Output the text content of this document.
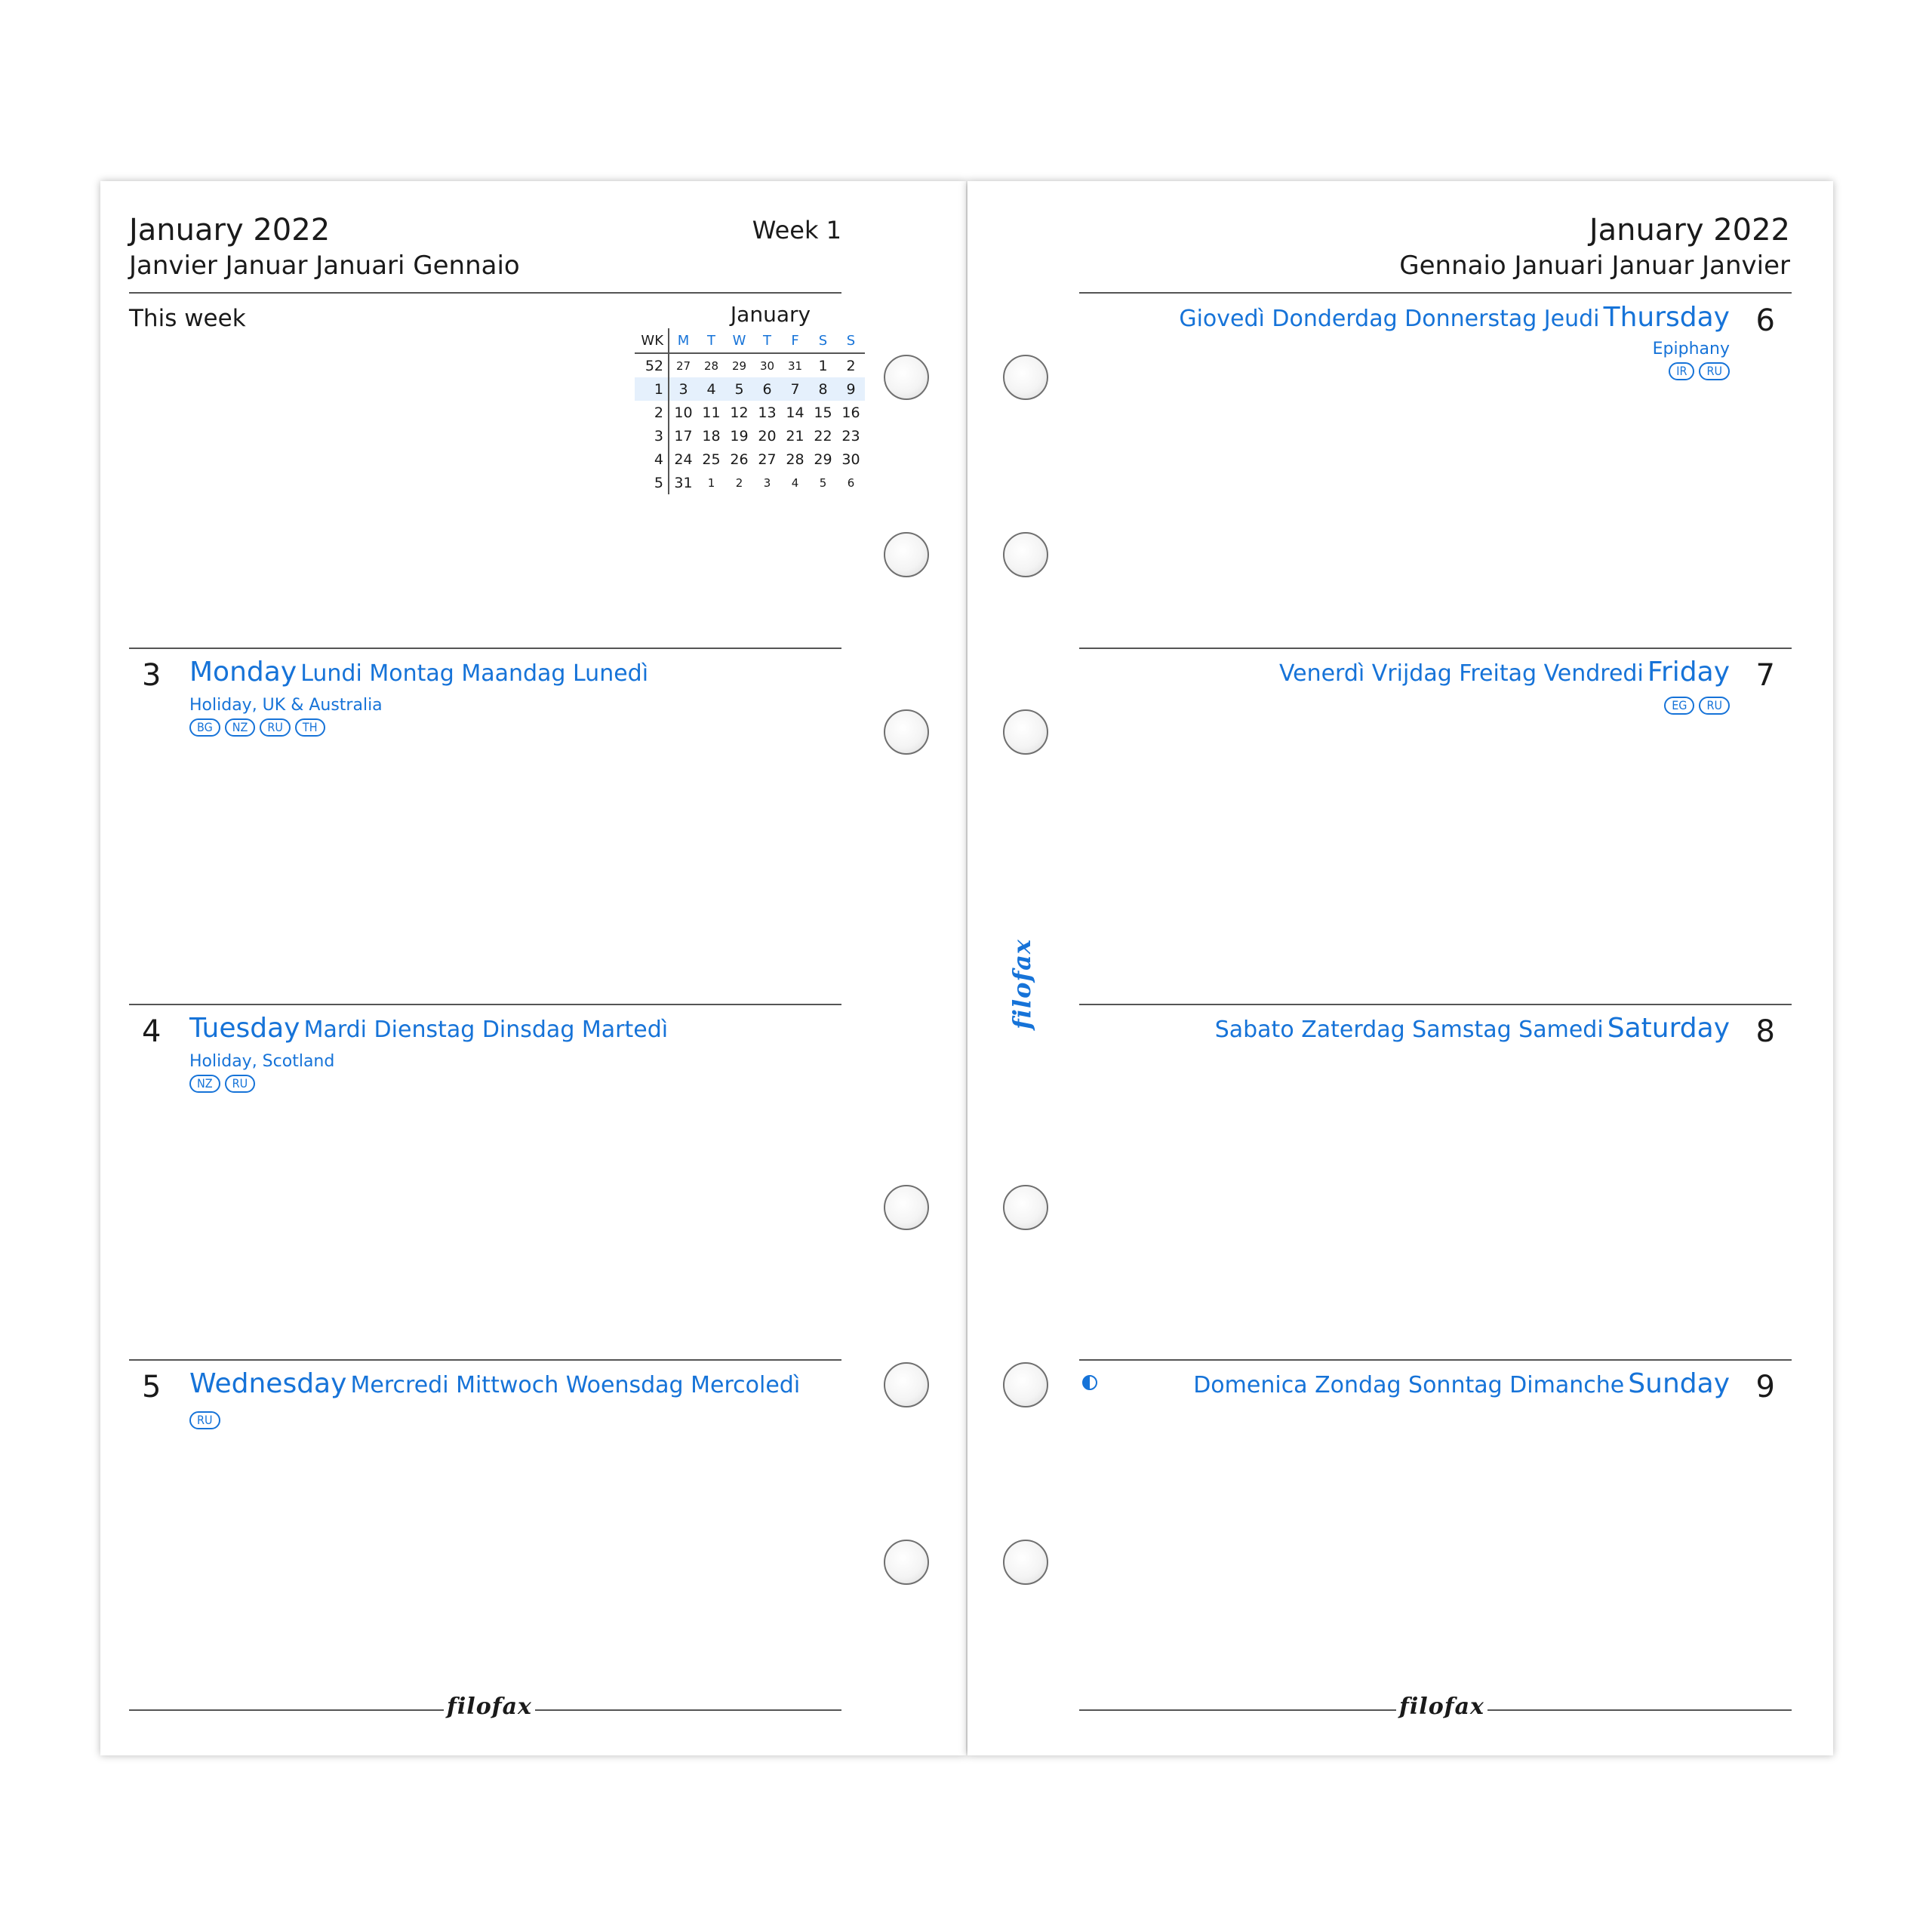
January 2022
Janvier Januar Januari Gennaio
Week 1
This week	January
WK	M	T	W	T	F	S	S
52	27	28	29	30	31	1	2
1	3	4	5	6	7	8	9
2	10	11	12	13	14	15	16
3	17	18	19	20	21	22	23
4	24	25	26	27	28	29	30
5	31	1	2	3	4	5	6
3 Monday Lundi Montag Maandag Lunedì
Holiday, UK & Australia
BG	NZ	RU	TH
4 Tuesday Mardi Dienstag Dinsdag Martedì
Holiday, Scotland
NZ	RU
5 Wednesday Mercredi Mittwoch Woensdag Mercoledì
RU
filofax
filofax
January 2022
Gennaio Januari Januar Janvier
6
Giovedì Donderdag Donnerstag Jeudi Thursday
Epiphany
IR	RU
7
Venerdì Vrijdag Freitag Vendredi Friday
EG	RU
8
Sabato Zaterdag Samstag Samedi Saturday
9
Domenica Zondag Sonntag Dimanche Sunday
filofax
